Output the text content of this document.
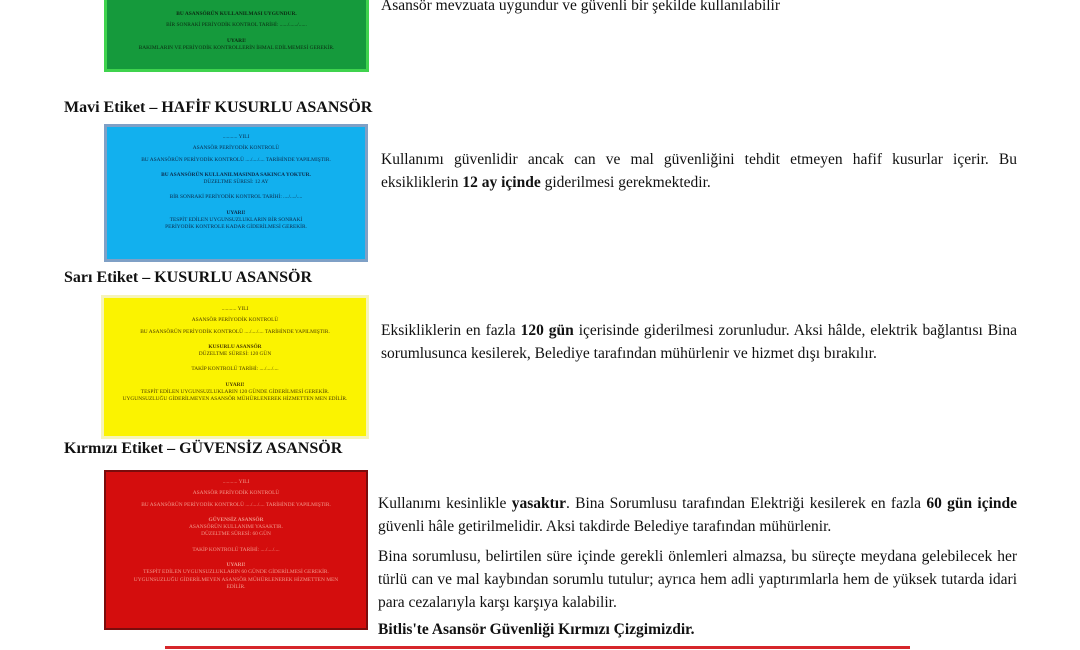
BU ASANSÖRÜN KULLANILMASI UYGUNDUR.
BİR SONRAKİ PERİYODİK KONTROL TARİHİ: ....../....../......
UYARI!
BAKIMLARIN VE PERİYODİK KONTROLLERİN İHMAL EDİLMEMESİ GEREKİR.

Asansör mevzuata uygundur ve güvenli bir şekilde kullanılabilir

Mavi Etiket – HAFİF KUSURLU ASANSÖR
........... YILI
ASANSÖR PERİYODİK KONTROLÜ
BU ASANSÖRÜN PERİYODİK KONTROLÜ ..../..../.... TARİHİNDE YAPILMIŞTIR.
BU ASANSÖRÜN KULLANILMASINDA SAKINCA YOKTUR.
DÜZELTME SÜRESİ: 12 AY
BİR SONRAKİ PERİYODİK KONTROL TARİHİ: ..../..../....
UYARI!
TESPİT EDİLEN UYGUNSUZLUKLARIN BİR SONRAKİ
PERİYODİK KONTROLE KADAR GİDERİLMESİ GEREKİR.

Kullanımı güvenlidir ancak can ve mal güvenliğini tehdit etmeyen hafif kusurlar içerir. Bu eksikliklerin 12 ay içinde giderilmesi gerekmektedir.

Sarı Etiket – KUSURLU ASANSÖR
........... YILI
ASANSÖR PERİYODİK KONTROLÜ
BU ASANSÖRÜN PERİYODİK KONTROLÜ ..../..../.... TARİHİNDE YAPILMIŞTIR.
KUSURLU ASANSÖR
DÜZELTME SÜRESİ: 120 GÜN
TAKİP KONTROLÜ TARİHİ: ..../..../....
UYARI!
TESPİT EDİLEN UYGUNSUZLUKLARIN 120 GÜNDE GİDERİLMESİ GEREKİR.
UYGUNSUZLUĞU GİDERİLMEYEN ASANSÖR MÜHÜRLENEREK HİZMETTEN MEN EDİLİR.

Eksikliklerin en fazla 120 gün içerisinde giderilmesi zorunludur. Aksi hâlde, elektrik bağlantısı Bina sorumlusunca kesilerek, Belediye tarafından mühürlenir ve hizmet dışı bırakılır.

Kırmızı Etiket – GÜVENSİZ ASANSÖR
........... YILI
ASANSÖR PERİYODİK KONTROLÜ
BU ASANSÖRÜN PERİYODİK KONTROLÜ ..../..../.... TARİHİNDE YAPILMIŞTIR.
GÜVENSİZ ASANSÖR
ASANSÖRÜN KULLANIMI YASAKTIR.
DÜZELTME SÜRESİ: 60 GÜN
TAKİP KONTROLÜ TARİHİ: ..../..../....
UYARI!
TESPİT EDİLEN UYGUNSUZLUKLARIN 60 GÜNDE GİDERİLMESİ GEREKİR.
UYGUNSUZLUĞU GİDERİLMEYEN ASANSÖR MÜHÜRLENEREK HİZMETTEN MEN
EDİLİR.

Kullanımı kesinlikle yasaktır. Bina Sorumlusu tarafından Elektriği kesilerek en fazla 60 gün içinde güvenli hâle getirilmelidir. Aksi takdirde Belediye tarafından mühürlenir.

Bina sorumlusu, belirtilen süre içinde gerekli önlemleri almazsa, bu süreçte meydana gelebilecek her türlü can ve mal kaybından sorumlu tutulur; ayrıca hem adli yaptırımlarla hem de yüksek tutarda idari para cezalarıyla karşı karşıya kalabilir.

Bitlis'te Asansör Güvenliği Kırmızı Çizgimizdir.
